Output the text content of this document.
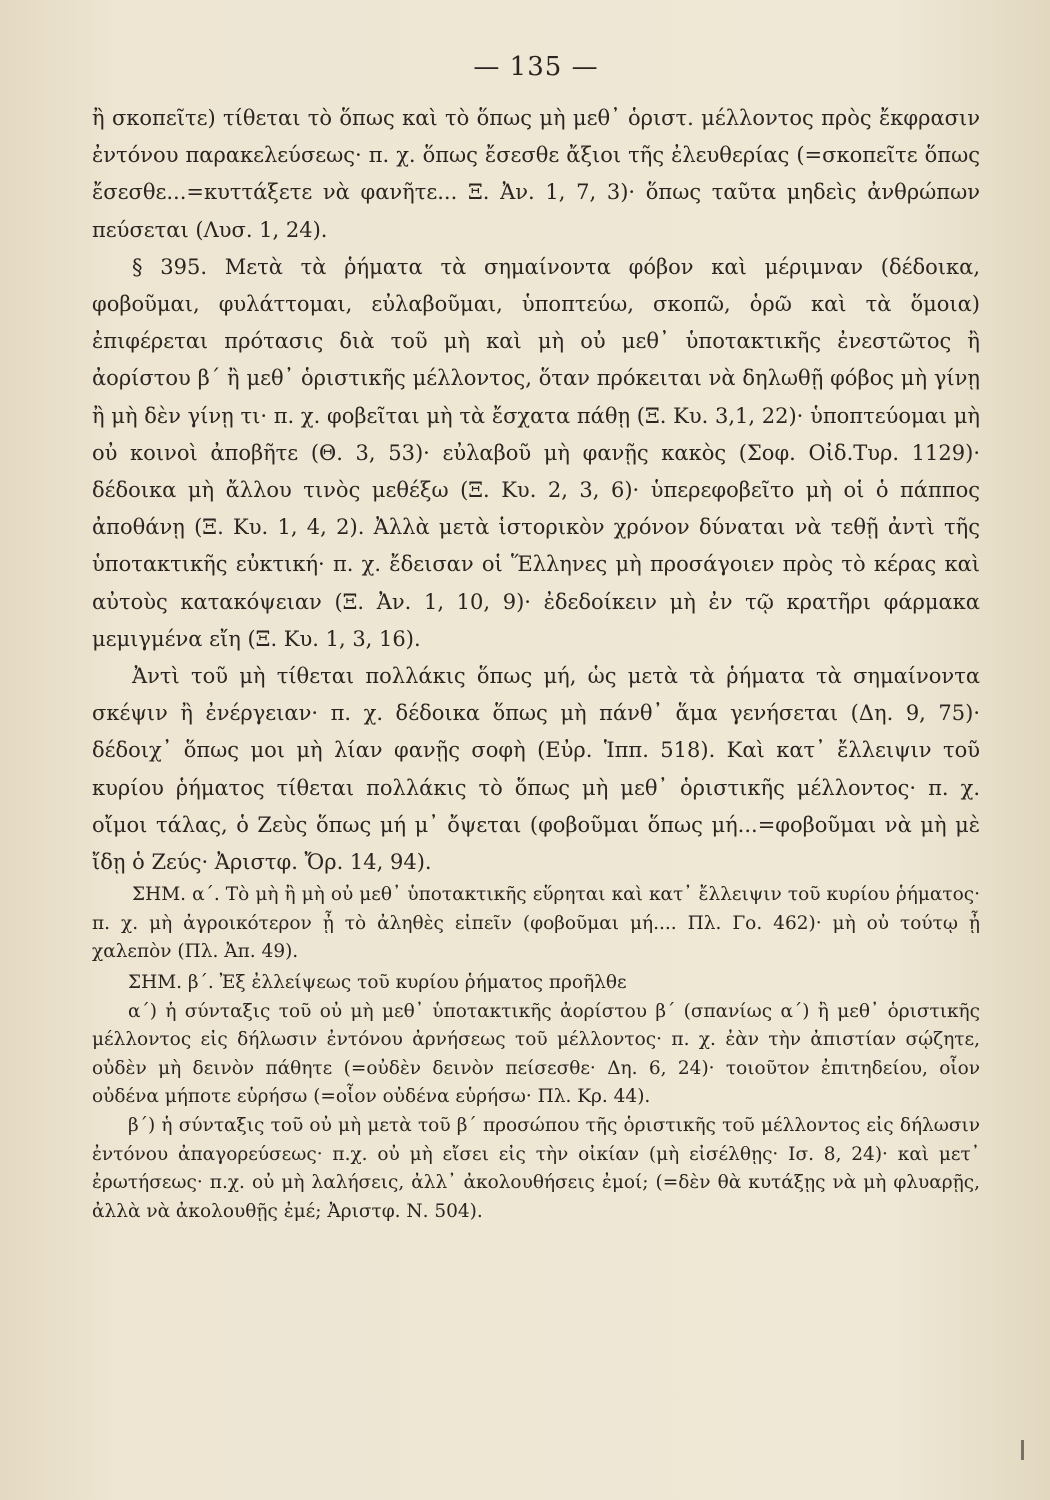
— 135 —

ἢ σκοπεῖτε) τίθεται τὸ ὅπως καὶ τὸ ὅπως μὴ μεθ᾽ ὁριστ. μέλλοντος πρὸς ἔκφρασιν ἐντόνου παρακελεύσεως· π. χ. ὅπως ἔσεσθε ἄξιοι τῆς ἐλευθερίας (=σκοπεῖτε ὅπως ἔσεσθε...=κυττάξετε νὰ φανῆτε... Ξ. Ἀν. 1, 7, 3)· ὅπως ταῦτα μηδεὶς ἀνθρώπων πεύσεται (Λυσ. 1, 24).

§ 395. Μετὰ τὰ ῥήματα τὰ σημαίνοντα φόβον καὶ μέριμναν (δέδοικα, φοβοῦμαι, φυλάττομαι, εὐλαβοῦμαι, ὑποπτεύω, σκοπῶ, ὁρῶ καὶ τὰ ὅμοια) ἐπιφέρεται πρότασις διὰ τοῦ μὴ καὶ μὴ οὐ μεθ᾽ ὑποτακτικῆς ἐνεστῶτος ἢ ἀορίστου β´ ἢ μεθ᾽ ὁριστικῆς μέλλοντος, ὅταν πρόκειται νὰ δηλωθῇ φόβος μὴ γίνῃ ἢ μὴ δὲν γίνῃ τι· π. χ. φοβεῖται μὴ τὰ ἔσχατα πάθῃ (Ξ. Κυ. 3,1, 22)· ὑποπτεύομαι μὴ οὐ κοινοὶ ἀποβῆτε (Θ. 3, 53)· εὐλαβοῦ μὴ φανῇς κακὸς (Σοφ. Οἰδ.Τυρ. 1129)· δέδοικα μὴ ἄλλου τινὸς μεθέξω (Ξ. Κυ. 2, 3, 6)· ὑπερεφοβεῖτο μὴ οἱ ὁ πάππος ἀποθάνῃ (Ξ. Κυ. 1, 4, 2). Ἀλλὰ μετὰ ἱστορικὸν χρόνον δύναται νὰ τεθῇ ἀντὶ τῆς ὑποτακτικῆς εὐκτική· π. χ. ἔδεισαν οἱ Ἕλληνες μὴ προσάγοιεν πρὸς τὸ κέρας καὶ αὐτοὺς κατακόψειαν (Ξ. Ἀν. 1, 10, 9)· ἐδεδοίκειν μὴ ἐν τῷ κρατῆρι φάρμακα μεμιγμένα εἴη (Ξ. Κυ. 1, 3, 16).

Ἀντὶ τοῦ μὴ τίθεται πολλάκις ὅπως μή, ὡς μετὰ τὰ ῥήματα τὰ σημαίνοντα σκέψιν ἢ ἐνέργειαν· π. χ. δέδοικα ὅπως μὴ πάνθ᾽ ἅμα γενήσεται (Δη. 9, 75)· δέδοιχ᾽ ὅπως μοι μὴ λίαν φανῇς σοφὴ (Εὐρ. Ἱππ. 518). Καὶ κατ᾽ ἔλλειψιν τοῦ κυρίου ῥήματος τίθεται πολλάκις τὸ ὅπως μὴ μεθ᾽ ὁριστικῆς μέλλοντος· π. χ. οἴμοι τάλας, ὁ Ζεὺς ὅπως μή μ᾽ ὄψεται (φοβοῦμαι ὅπως μή...=φοβοῦμαι νὰ μὴ μὲ ἴδῃ ὁ Ζεύς· Ἀριστφ. Ὄρ. 14, 94).

ΣΗΜ. α´. Τὸ μὴ ἢ μὴ οὐ μεθ᾽ ὑποτακτικῆς εὕρηται καὶ κατ᾽ ἔλλειψιν τοῦ κυρίου ῥήματος· π. χ. μὴ ἀγροικότερον ᾖ τὸ ἀληθὲς εἰπεῖν (φοβοῦμαι μή.... Πλ. Γο. 462)· μὴ οὐ τούτῳ ᾖ χαλεπὸν (Πλ. Ἀπ. 49).

ΣΗΜ. β´. Ἐξ ἐλλείψεως τοῦ κυρίου ῥήματος προῆλθε

α´) ἡ σύνταξις τοῦ οὐ μὴ μεθ᾽ ὑποτακτικῆς ἀορίστου β´ (σπανίως α´) ἢ μεθ᾽ ὁριστικῆς μέλλοντος εἰς δήλωσιν ἐντόνου ἀρνήσεως τοῦ μέλλοντος· π. χ. ἐὰν τὴν ἀπιστίαν σῴζητε, οὐδὲν μὴ δεινὸν πάθητε (=οὐδὲν δεινὸν πείσεσθε· Δη. 6, 24)· τοιοῦτον ἐπιτηδείου, οἷον οὐδένα μήποτε εὑρήσω (=οἷον οὐδένα εὑρήσω· Πλ. Κρ. 44).

β´) ἡ σύνταξις τοῦ οὐ μὴ μετὰ τοῦ β´ προσώπου τῆς ὁριστικῆς τοῦ μέλλοντος εἰς δήλωσιν ἐντόνου ἀπαγορεύσεως· π.χ. οὐ μὴ εἴσει εἰς τὴν οἰκίαν (μὴ εἰσέλθῃς· Ισ. 8, 24)· καὶ μετ᾽ ἐρωτήσεως· π.χ. οὐ μὴ λαλήσεις, ἀλλ᾽ ἀκολουθήσεις ἐμοί; (=δὲν θὰ κυτάξῃς νὰ μὴ φλυαρῇς, ἀλλὰ νὰ ἀκολουθῇς ἐμέ; Ἀριστφ. Ν. 504).
